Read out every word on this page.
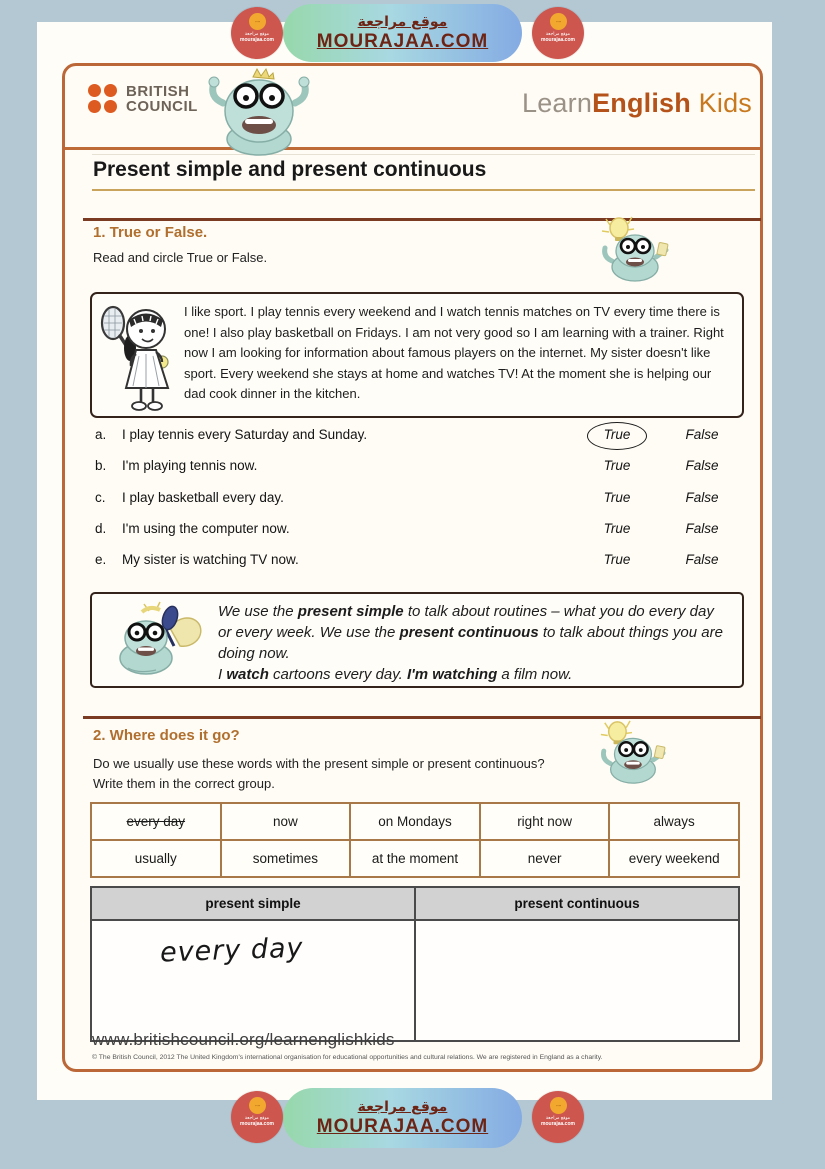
موقع مراجعة
MOURAJAA.COM
᠁
موقع مراجعة
mourajaa.com
᠁
موقع مراجعة
mourajaa.com
BRITISH
COUNCIL	LearnEnglish Kids
Present simple and present continuous
1. True or False.
Read and circle True or False.
I like sport. I play tennis every weekend and I watch tennis matches on TV every time there is one! I also play basketball on Fridays. I am not very good so I am learning with a trainer. Right now I am looking for information about famous players on the internet. My sister doesn't like sport. Every weekend she stays at home and watches TV! At the moment she is helping our dad cook dinner in the kitchen.
a. I play tennis every Saturday and Sunday.	True	False
b. I'm playing tennis now.	True	False
c. I play basketball every day.	True	False
d. I'm using the computer now.	True	False
e. My sister is watching TV now.	True	False
We use the present simple to talk about routines – what you do every day or every week. We use the present continuous to talk about things you are doing now.
I watch cartoons every day. I'm watching a film now.
2. Where does it go?
Do we usually use these words with the present simple or present continuous?
Write them in the correct group.
every day	now	on Mondays	right now	always
usually	sometimes	at the moment	never	every weekend
present simple	present continuous
every day	
www.britishcouncil.org/learnenglishkids
© The British Council, 2012 The United Kingdom's international organisation for educational opportunities and cultural relations. We are registered in England as a charity.
موقع مراجعة
MOURAJAA.COM
᠁
موقع مراجعة
mourajaa.com
᠁
موقع مراجعة
mourajaa.com
